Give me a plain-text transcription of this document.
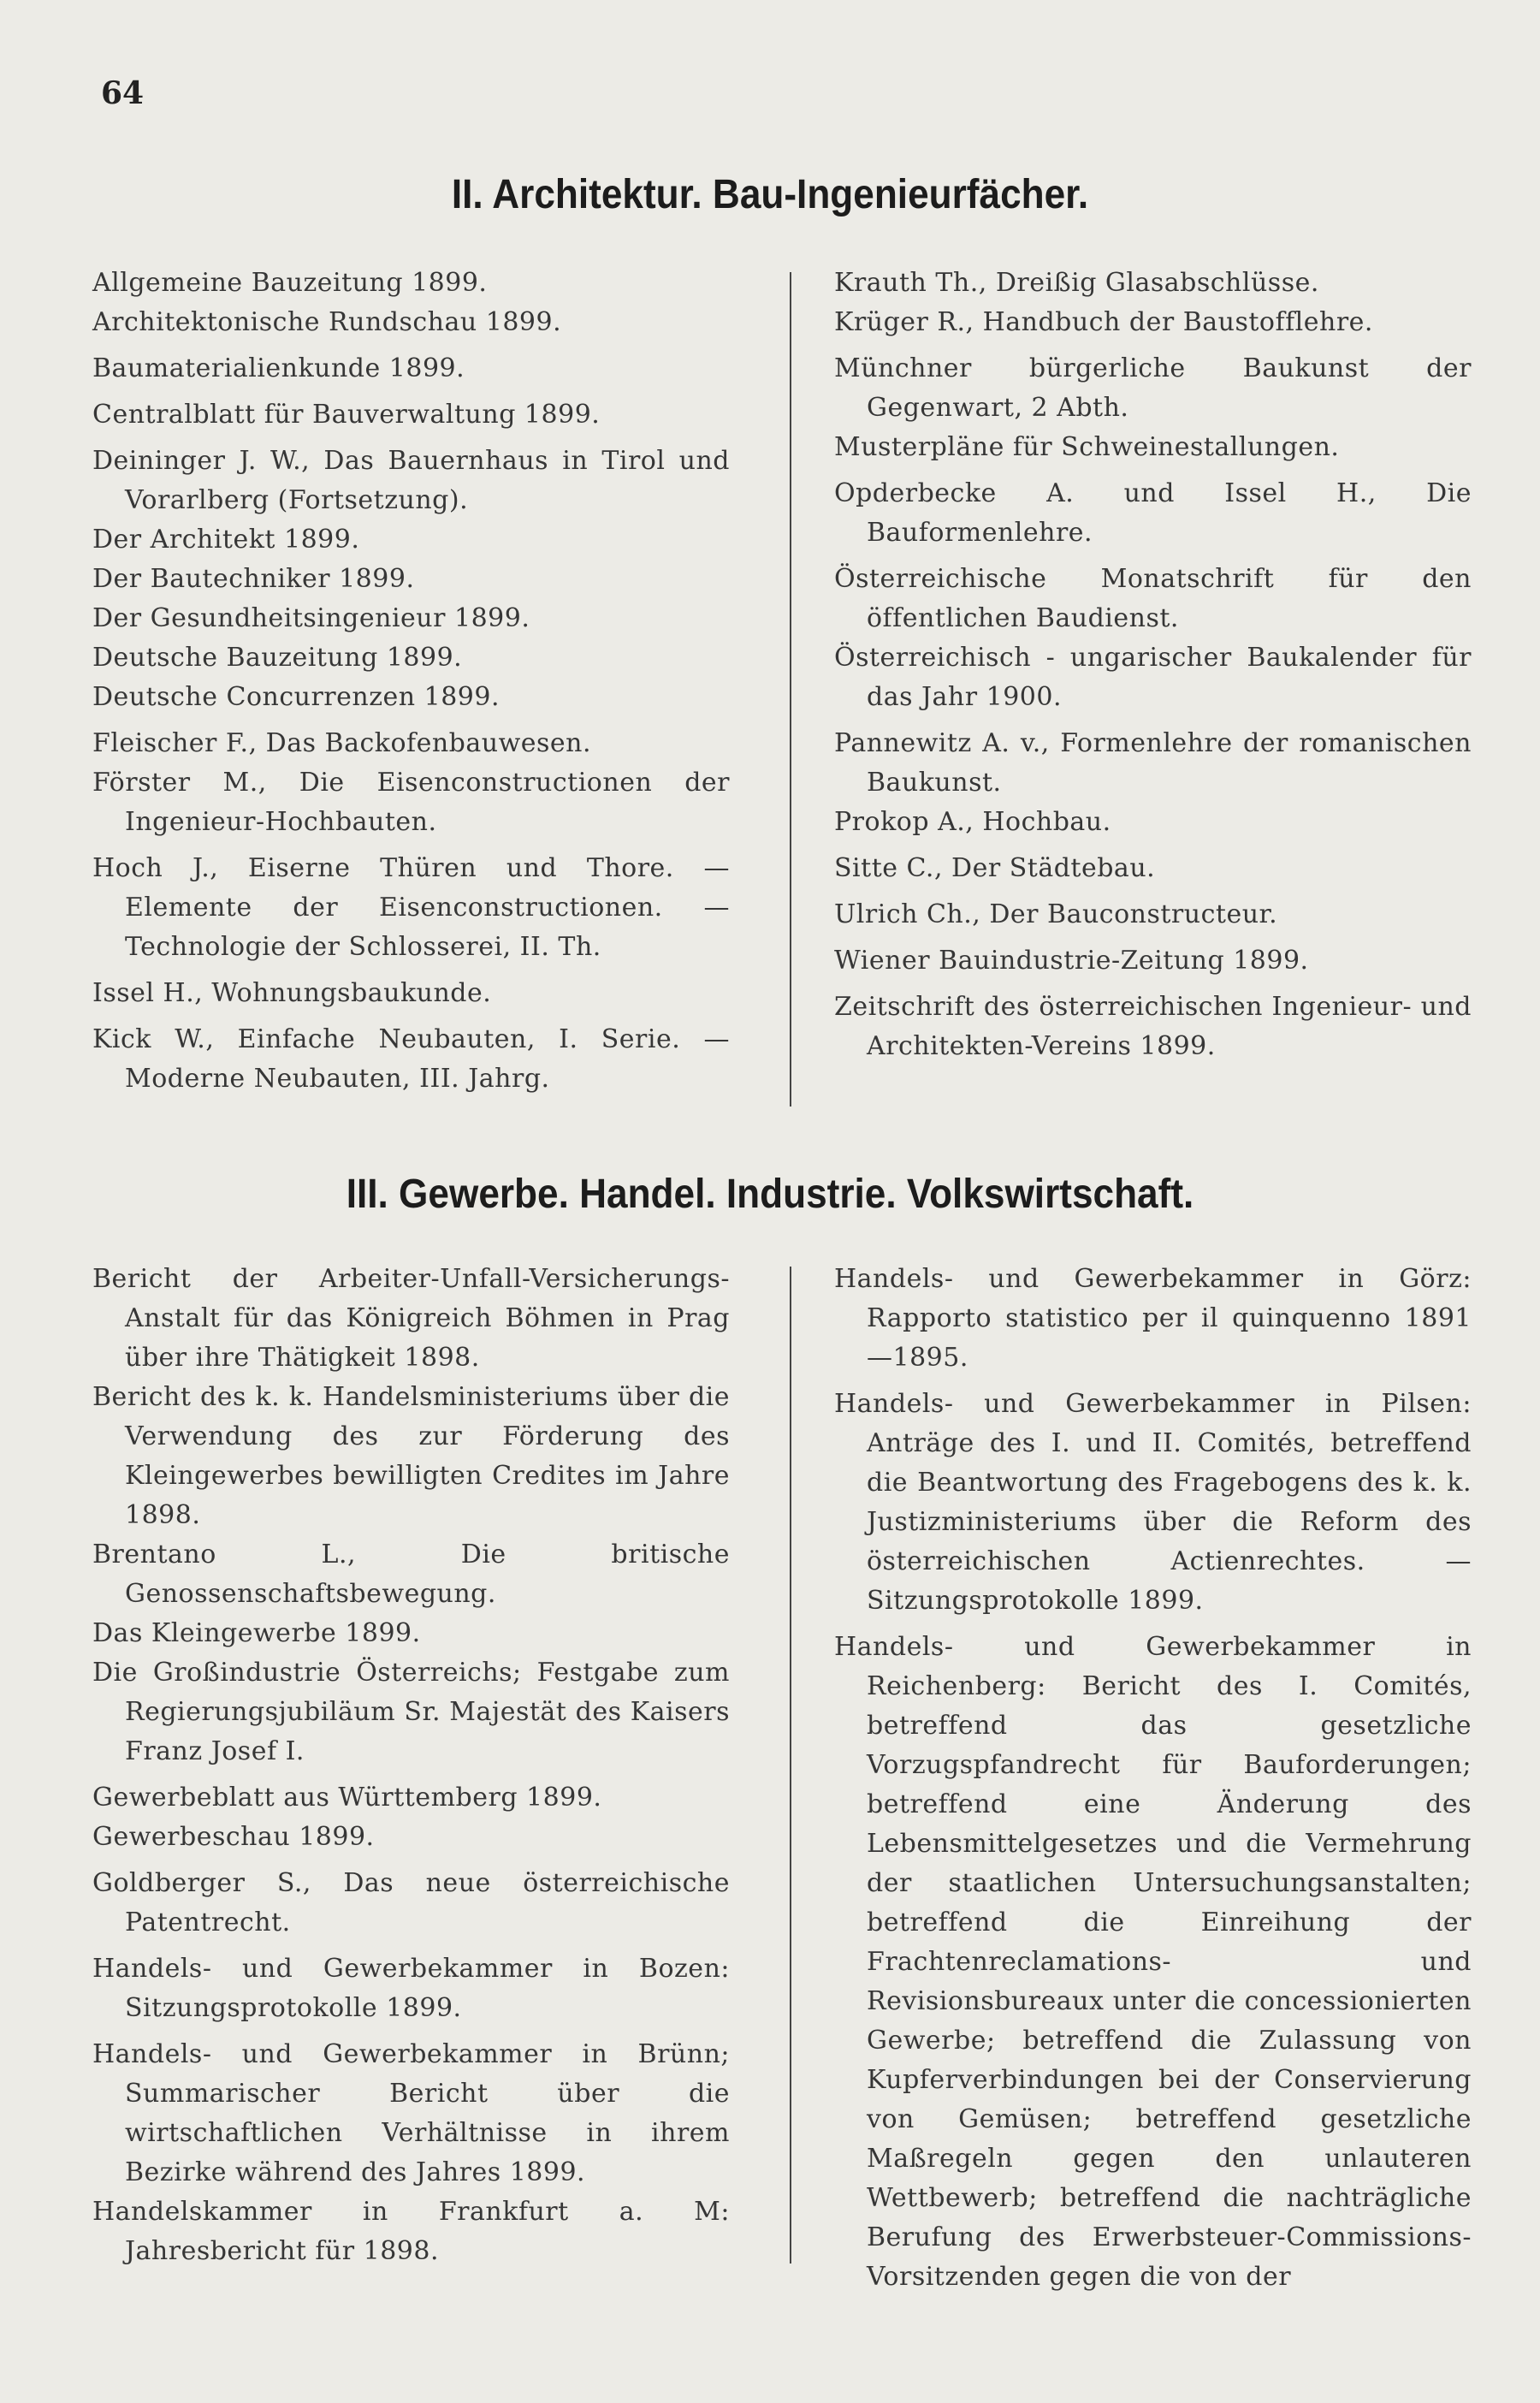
64
II. Architektur. Bau-Ingenieurfächer.

Allgemeine Bauzeitung 1899.

Architektonische Rundschau 1899.

Baumaterialienkunde 1899.

Centralblatt für Bauverwaltung 1899.

Deininger J. W., Das Bauernhaus in Tirol und Vorarlberg (Fortsetzung).

Der Architekt 1899.

Der Bautechniker 1899.

Der Gesundheitsingenieur 1899.

Deutsche Bauzeitung 1899.

Deutsche Concurrenzen 1899.

Fleischer F., Das Backofenbauwesen.

Förster M., Die Eisenconstructionen der Ingenieur-Hochbauten.

Hoch J., Eiserne Thüren und Thore. — Elemente der Eisenconstructionen. — Technologie der Schlosserei, II. Th.

Issel H., Wohnungsbaukunde.

Kick W., Einfache Neubauten, I. Serie. — Moderne Neubauten, III. Jahrg.

Krauth Th., Dreißig Glasabschlüsse.

Krüger R., Handbuch der Baustofflehre.

Münchner bürgerliche Baukunst der Gegenwart, 2 Abth.

Musterpläne für Schweinestallungen.

Opderbecke A. und Issel H., Die Bauformenlehre.

Österreichische Monatschrift für den öffentlichen Baudienst.

Österreichisch - ungarischer Baukalender für das Jahr 1900.

Pannewitz A. v., Formenlehre der romanischen Baukunst.

Prokop A., Hochbau.

Sitte C., Der Städtebau.

Ulrich Ch., Der Bauconstructeur.

Wiener Bauindustrie-Zeitung 1899.

Zeitschrift des österreichischen Ingenieur- und Architekten-Vereins 1899.

III. Gewerbe. Handel. Industrie. Volkswirtschaft.

Bericht der Arbeiter-Unfall-Versicherungs-Anstalt für das Königreich Böhmen in Prag über ihre Thätigkeit 1898.

Bericht des k. k. Handelsministeriums über die Verwendung des zur Förderung des Kleingewerbes bewilligten Credites im Jahre 1898.

Brentano L., Die britische Genossenschaftsbewegung.

Das Kleingewerbe 1899.

Die Großindustrie Österreichs; Festgabe zum Regierungsjubiläum Sr. Majestät des Kaisers Franz Josef I.

Gewerbeblatt aus Württemberg 1899.

Gewerbeschau 1899.

Goldberger S., Das neue österreichische Patentrecht.

Handels- und Gewerbekammer in Bozen: Sitzungsprotokolle 1899.

Handels- und Gewerbekammer in Brünn; Summarischer Bericht über die wirtschaftlichen Verhältnisse in ihrem Bezirke während des Jahres 1899.

Handelskammer in Frankfurt a. M: Jahresbericht für 1898.

Handels- und Gewerbekammer in Görz: Rapporto statistico per il quinquenno 1891—1895.

Handels- und Gewerbekammer in Pilsen: Anträge des I. und II. Comités, betreffend die Beantwortung des Fragebogens des k. k. Justizministeriums über die Reform des österreichischen Actienrechtes. — Sitzungsprotokolle 1899.

Handels- und Gewerbekammer in Reichenberg: Bericht des I. Comités, betreffend das gesetzliche Vorzugspfandrecht für Bauforderungen; betreffend eine Änderung des Lebensmittelgesetzes und die Vermehrung der staatlichen Untersuchungsanstalten; betreffend die Einreihung der Frachtenreclamations- und Revisionsbureaux unter die concessionierten Gewerbe; betreffend die Zulassung von Kupferverbindungen bei der Conservierung von Gemüsen; betreffend gesetzliche Maßregeln gegen den unlauteren Wettbewerb; betreffend die nachträgliche Berufung des Erwerbsteuer-Commissions-Vorsitzenden gegen die von der
